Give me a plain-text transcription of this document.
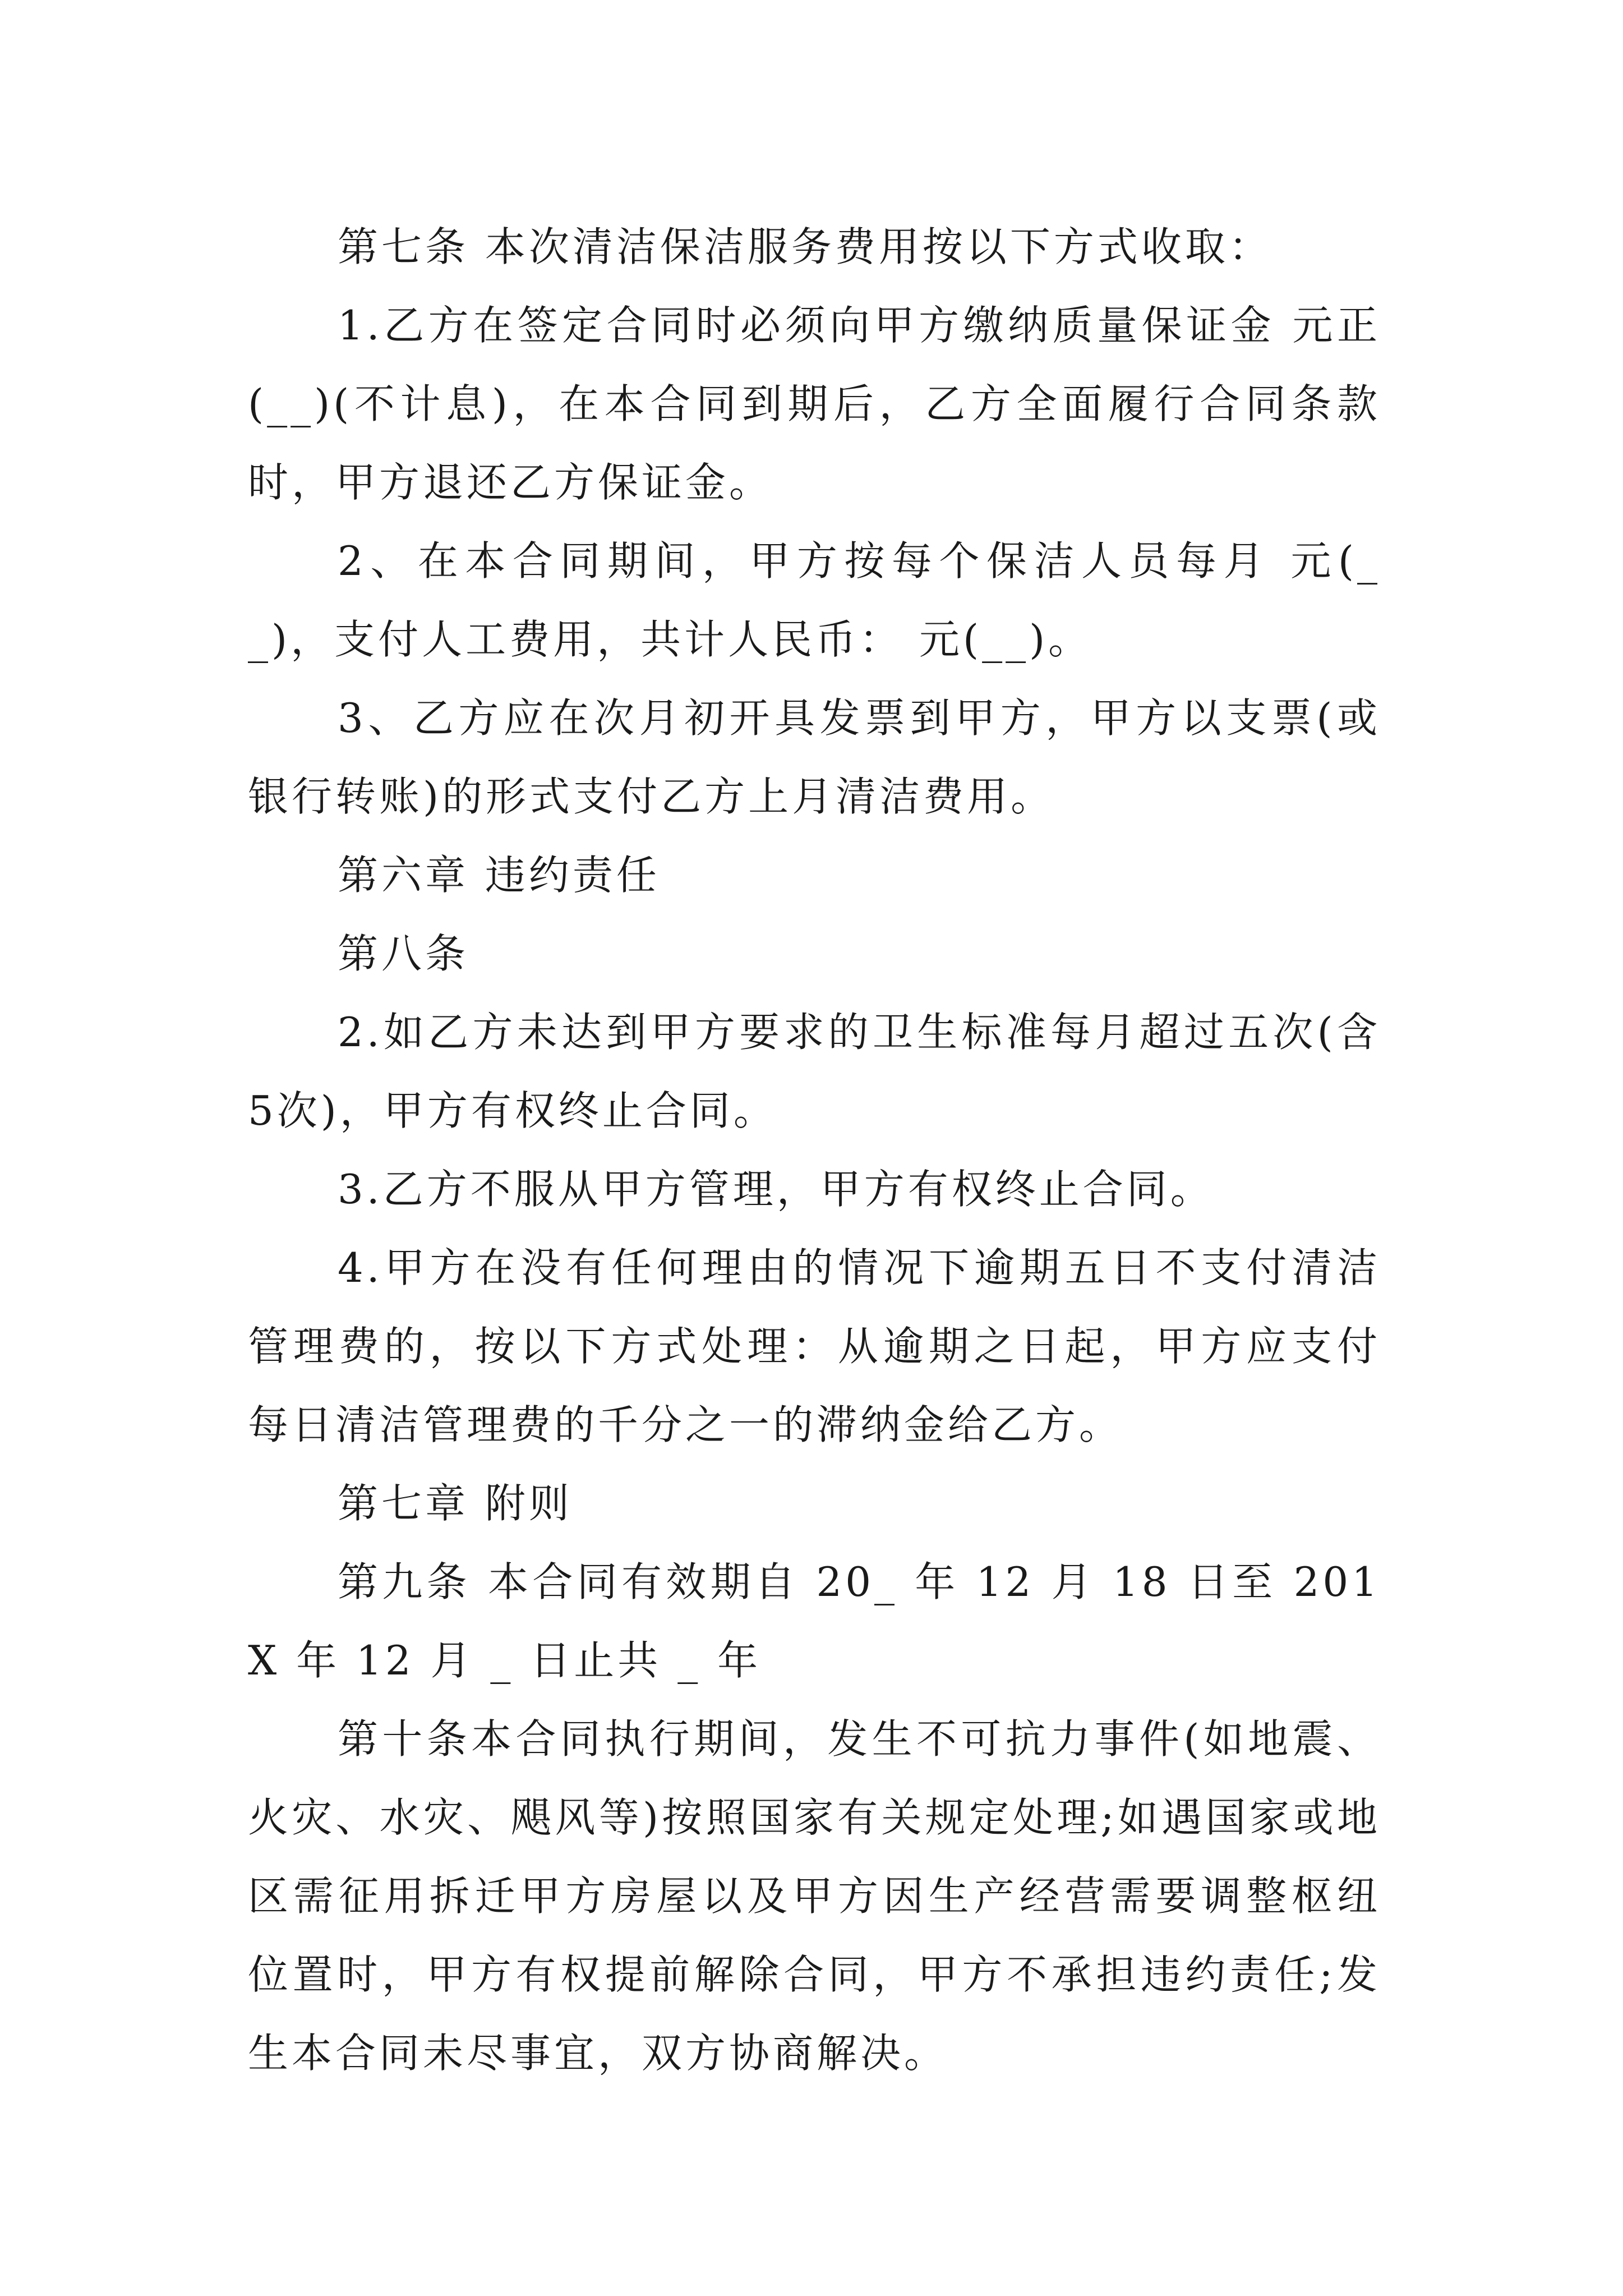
第七条 本次清洁保洁服务费用按以下方式收取：

1.乙方在签定合同时必须向甲方缴纳质量保证金 元正(__)(不计息)，在本合同到期后，乙方全面履行合同条款时，甲方退还乙方保证金。

2、在本合同期间，甲方按每个保洁人员每月 元(__)，支付人工费用，共计人民币： 元(__)。

3、乙方应在次月初开具发票到甲方，甲方以支票(或银行转账)的形式支付乙方上月清洁费用。

第六章 违约责任

第八条

2.如乙方未达到甲方要求的卫生标准每月超过五次(含5次)，甲方有权终止合同。

3.乙方不服从甲方管理，甲方有权终止合同。

4.甲方在没有任何理由的情况下逾期五日不支付清洁管理费的，按以下方式处理：从逾期之日起，甲方应支付每日清洁管理费的千分之一的滞纳金给乙方。

第七章 附则

第九条 本合同有效期自 20_ 年 12 月 18 日至 201X 年 12 月 _ 日止共 _ 年

第十条本合同执行期间，发生不可抗力事件(如地震、火灾、水灾、飓风等)按照国家有关规定处理;如遇国家或地区需征用拆迁甲方房屋以及甲方因生产经营需要调整枢纽位置时，甲方有权提前解除合同，甲方不承担违约责任;发生本合同未尽事宜，双方协商解决。
